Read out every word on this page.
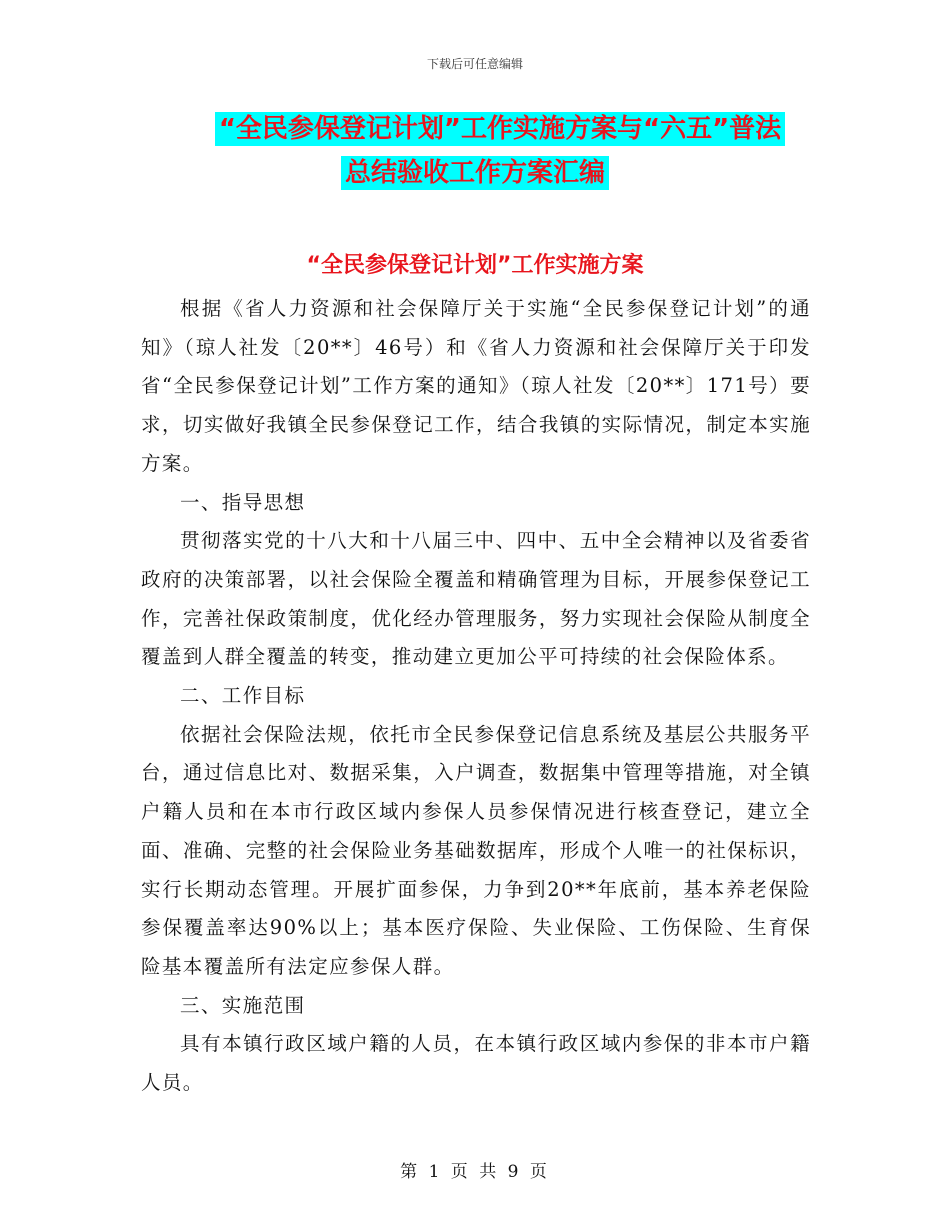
下载后可任意编辑
“全民参保登记计划”工作实施方案与“六五”普法
总结验收工作方案汇编
“全民参保登记计划”工作实施方案

根据《省人力资源和社会保障厅关于实施“全民参保登记计划”的通知》（琼人社发〔20**〕46号）和《省人力资源和社会保障厅关于印发省“全民参保登记计划”工作方案的通知》（琼人社发〔20**〕171号）要求，切实做好我镇全民参保登记工作，结合我镇的实际情况，制定本实施方案。

一、指导思想

贯彻落实党的十八大和十八届三中、四中、五中全会精神以及省委省政府的决策部署，以社会保险全覆盖和精确管理为目标，开展参保登记工作，完善社保政策制度，优化经办管理服务，努力实现社会保险从制度全覆盖到人群全覆盖的转变，推动建立更加公平可持续的社会保险体系。

二、工作目标

依据社会保险法规，依托市全民参保登记信息系统及基层公共服务平台，通过信息比对、数据采集，入户调查，数据集中管理等措施，对全镇户籍人员和在本市行政区域内参保人员参保情况进行核查登记，建立全面、准确、完整的社会保险业务基础数据库，形成个人唯一的社保标识，实行长期动态管理。开展扩面参保，力争到20**年底前，基本养老保险参保覆盖率达90%以上；基本医疗保险、失业保险、工伤保险、生育保险基本覆盖所有法定应参保人群。

三、实施范围

具有本镇行政区域户籍的人员，在本镇行政区域内参保的非本市户籍人员。

第 1 页 共 9 页
